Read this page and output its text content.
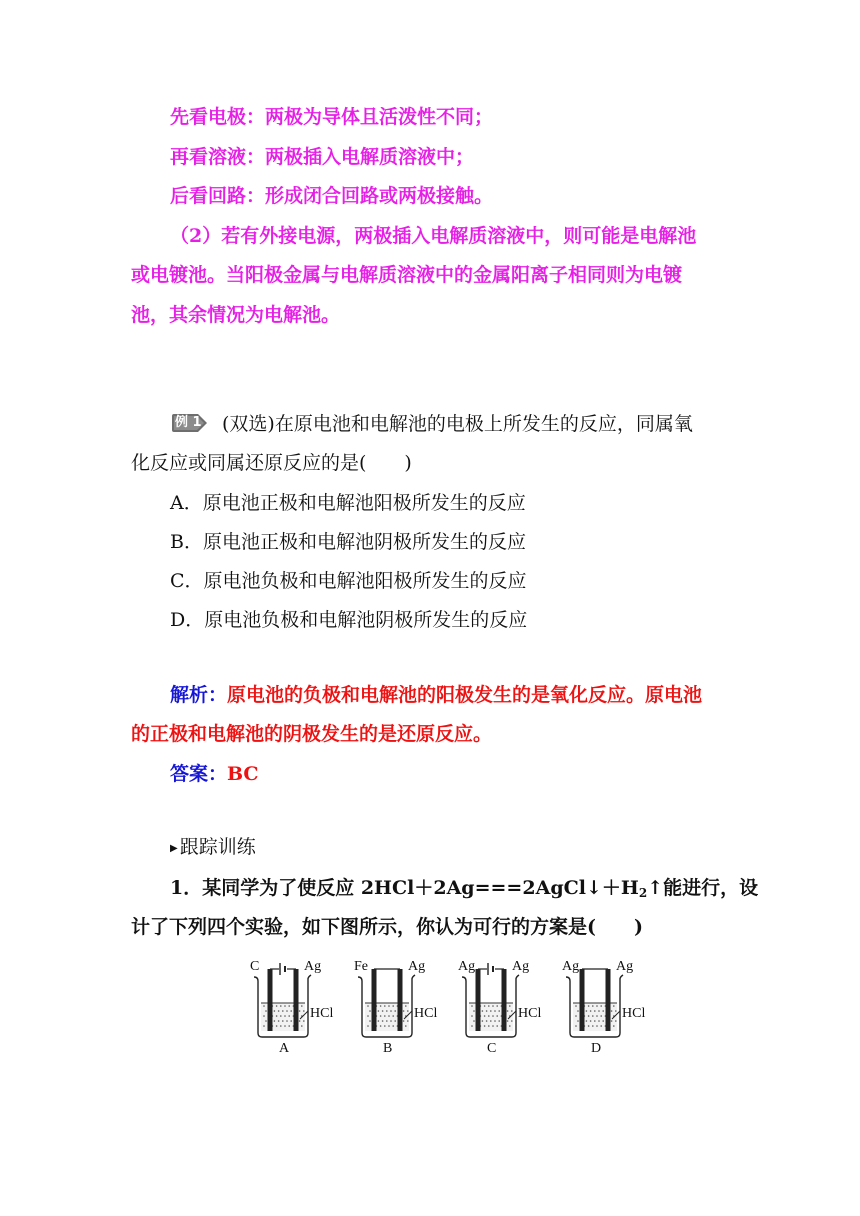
先看电极：两极为导体且活泼性不同；
再看溶液：两极插入电解质溶液中；
后看回路：形成闭合回路或两极接触。
（2）若有外接电源，两极插入电解质溶液中，则可能是电解池
或电镀池。当阳极金属与电解质溶液中的金属阳离子相同则为电镀
池，其余情况为电解池。
例 1 (双选)在原电池和电解池的电极上所发生的反应，同属氧
化反应或同属还原反应的是(　　)
A．原电池正极和电解池阳极所发生的反应
B．原电池正极和电解池阴极所发生的反应
C．原电池负极和电解池阳极所发生的反应
D．原电池负极和电解池阴极所发生的反应
解析：原电池的负极和电解池的阳极发生的是氧化反应。原电池
的正极和电解池的阴极发生的是还原反应。
答案：BC
▶ 跟踪训练
1．某同学为了使反应 $2HCl+2Ag===2AgCl↓+H_2↑$能进行，设
计了下列四个实验，如下图所示，你认为可行的方案是(　　)
C	Ag
HCl
A
Fe	Ag
HCl
B
Ag	Ag
HCl
C
Ag	Ag
HCl
D
